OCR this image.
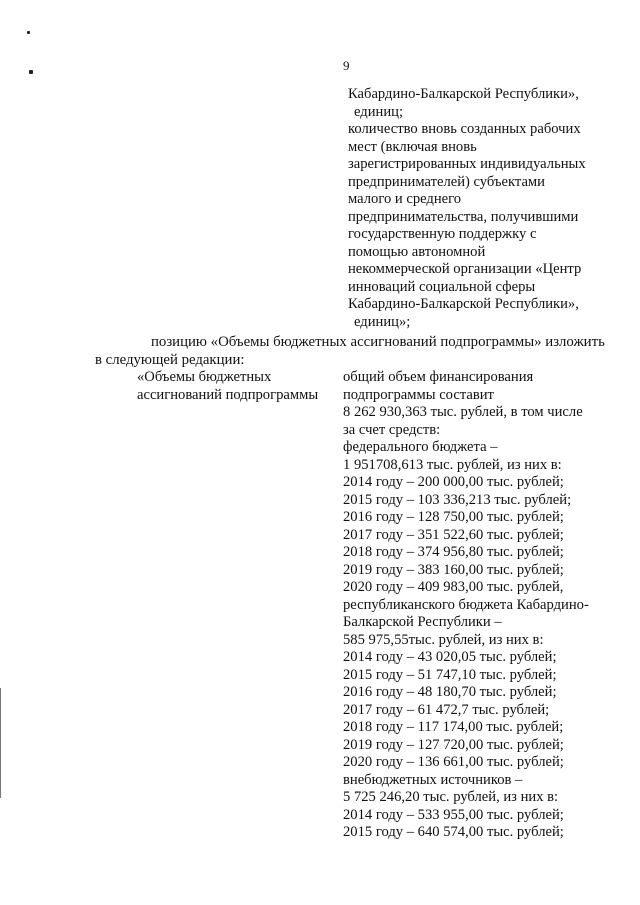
9
Кабардино-Балкарской Республики»,
единиц;
количество вновь созданных рабочих
мест (включая вновь
зарегистрированных индивидуальных
предпринимателей) субъектами
малого и среднего
предпринимательства, получившими
государственную поддержку с
помощью автономной
некоммерческой организации «Центр
инноваций социальной сферы
Кабардино-Балкарской Республики»,
единиц»;
позицию «Объемы бюджетных ассигнований подпрограммы» изложить
в следующей редакции:
«Объемы бюджетных
ассигнований подпрограммы
общий объем финансирования
подпрограммы составит
8 262 930,363 тыс. рублей, в том числе
за счет средств:
федерального бюджета –
1 951708,613 тыс. рублей, из них в:
2014 году – 200 000,00 тыс. рублей;
2015 году – 103 336,213 тыс. рублей;
2016 году – 128 750,00 тыс. рублей;
2017 году – 351 522,60 тыс. рублей;
2018 году – 374 956,80 тыс. рублей;
2019 году – 383 160,00 тыс. рублей;
2020 году – 409 983,00 тыс. рублей,
республиканского бюджета Кабардино-
Балкарской Республики –
585 975,55тыс. рублей, из них в:
2014 году – 43 020,05 тыс. рублей;
2015 году – 51 747,10 тыс. рублей;
2016 году – 48 180,70 тыс. рублей;
2017 году – 61 472,7 тыс. рублей;
2018 году – 117 174,00 тыс. рублей;
2019 году – 127 720,00 тыс. рублей;
2020 году – 136 661,00 тыс. рублей;
внебюджетных источников –
5 725 246,20 тыс. рублей, из них в:
2014 году – 533 955,00 тыс. рублей;
2015 году – 640 574,00 тыс. рублей;
